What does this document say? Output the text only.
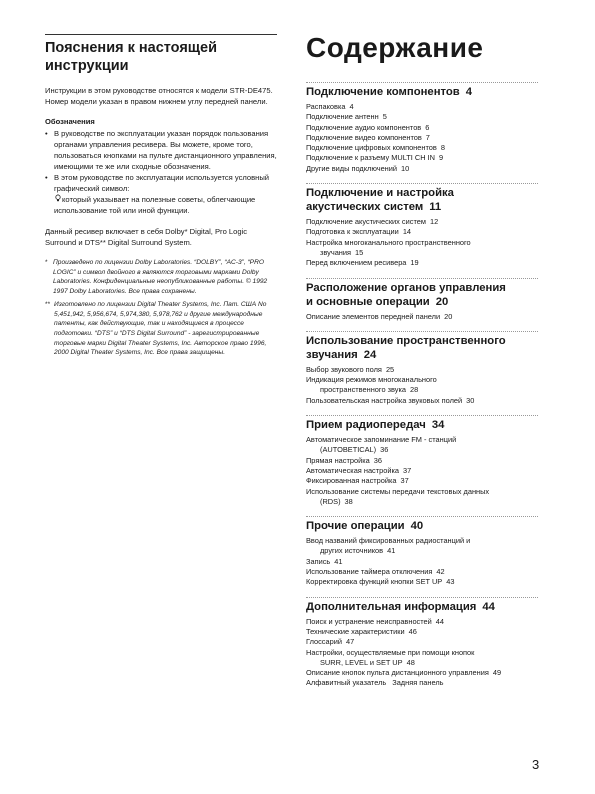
Пояснения к настоящей
инструкции

Инструкции в этом руководстве относятся к модели STR-DE475. Номер модели указан в правом нижнем углу передней панели.

Обозначения
• В руководстве по эксплуатации указан порядок пользования органами управления ресивера. Вы можете, кроме того, пользоваться кнопками на пульте дистанционного управления, имеющими те же или сходные обозначения.
• В этом руководстве по эксплуатации используется условный графический символ:
который указывает на полезные советы, облегчающие использование той или иной функции.

Данный ресивер включает в себя Dolby* Digital, Pro Logic Surround и DTS** Digital Surround System.

* Произведено по лицензии Dolby Laboratories. “DOLBY”, “AC-3”, “PRO LOGIC” и символ двойного в являются торговыми марками Dolby Laboratories. Конфиденциальные неопубликованные работы. © 1992 1997 Dolby Laboratories. Все права сохранены.
** Изготовлено по лицензии Digital Theater Systems, Inc. Пат. США No 5,451,942, 5,956,674, 5,974,380, 5,978,762 и другие международные патенты, как действующие, так и находящиеся в процессе подготовки. “DTS” и “DTS Digital Surround” - зарегистрированные торговые марки Digital Theater Systems, Inc. Авторское право 1996, 2000 Digital Theater Systems, Inc. Все права защищены.
Содержание
Подключение компонентов 4
Распаковка 4
Подключение антенн 5
Подключение аудио компонентов 6
Подключение видео компонентов 7
Подключение цифровых компонентов 8
Подключение к разъему MULTI CH IN 9
Другие виды подключений 10
Подключение и настройка
акустических систем 11
Подключение акустических систем 12
Подготовка к эксплуатации 14
Настройка многоканального пространственного
звучания 15
Перед включением ресивера 19
Расположение органов управления
и основные операции 20
Описание элементов передней панели 20
Использование пространственного
звучания 24
Выбор звукового поля 25
Индикация режимов многоканального
пространственного звука 28
Пользовательская настройка звуковых полей 30
Прием радиопередач 34
Автоматическое запоминание FM - станций
(AUTOBETICAL) 36
Прямая настройка 36
Автоматическая настройка 37
Фиксированная настройка 37
Использование системы передачи текстовых данных
(RDS) 38
Прочие операции 40
Ввод названий фиксированных радиостанций и
других источников 41
Запись 41
Использование таймера отключения 42
Корректировка функций кнопки SET UP 43
Дополнительная информация 44
Поиск и устранение неисправностей 44
Технические характеристики 46
Глоссарий 47
Настройки, осуществляемые при помощи кнопок
SURR, LEVEL и SET UP 48
Описание кнопок пульта дистанционного управления 49
Алфавитный указатель Задняя панель
3
